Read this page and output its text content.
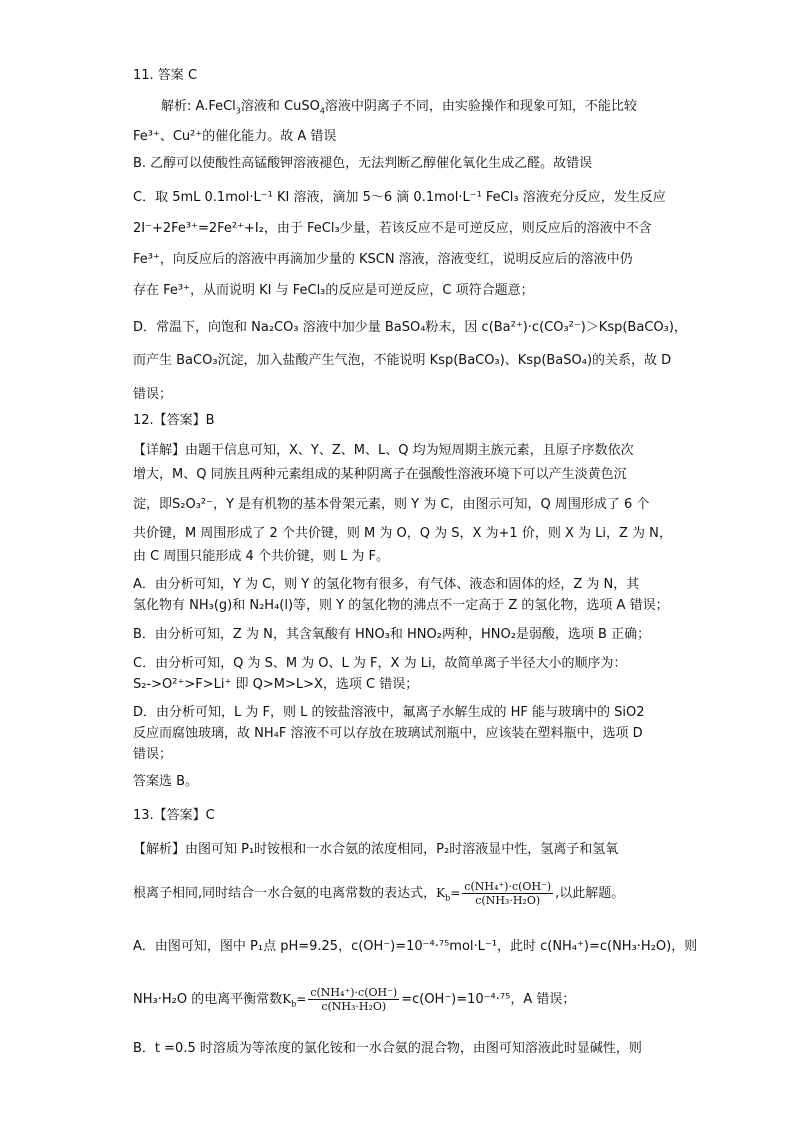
11. 答案 C
解析: A.FeCl$_3$溶液和 CuSO$_4$溶液中阴离子不同，由实验操作和现象可知，不能比较
Fe³⁺、Cu²⁺的催化能力。故 A 错误
B. 乙醇可以使酸性高锰酸钾溶液褪色，无法判断乙醇催化氧化生成乙醛。故错误
C．取 5mL 0.1mol·L⁻¹ KI 溶液，滴加 5～6 滴 0.1mol·L⁻¹ FeCl₃ 溶液充分反应，发生反应
2I⁻+2Fe³⁺=2Fe²⁺+I₂，由于 FeCl₃少量，若该反应不是可逆反应，则反应后的溶液中不含
Fe³⁺，向反应后的溶液中再滴加少量的 KSCN 溶液，溶液变红，说明反应后的溶液中仍
存在 Fe³⁺，从而说明 KI 与 FeCl₃的反应是可逆反应，C 项符合题意；
D．常温下，向饱和 Na₂CO₃ 溶液中加少量 BaSO₄粉末，因 c(Ba²⁺)·c(CO₃²⁻)＞Ksp(BaCO₃)，
而产生 BaCO₃沉淀，加入盐酸产生气泡，不能说明 Ksp(BaCO₃)、Ksp(BaSO₄)的关系，故 D
错误；
12.【答案】B
【详解】由题干信息可知，X、Y、Z、M、L、Q 均为短周期主族元素，且原子序数依次
增大，M、Q 同族且两种元素组成的某种阴离子在强酸性溶液环境下可以产生淡黄色沉
淀，即S₂O₃²⁻，Y 是有机物的基本骨架元素，则 Y 为 C，由图示可知，Q 周围形成了 6 个
共价键，M 周围形成了 2 个共价键，则 M 为 O，Q 为 S，X 为+1 价，则 X 为 Li，Z 为 N，
由 C 周围只能形成 4 个共价键，则 L 为 F。
A．由分析可知，Y 为 C，则 Y 的氢化物有很多，有气体、液态和固体的烃，Z 为 N，其
氢化物有 NH₃(g)和 N₂H₄(l)等，则 Y 的氢化物的沸点不一定高于 Z 的氢化物，选项 A 错误；
B．由分析可知，Z 为 N，其含氧酸有 HNO₃和 HNO₂两种，HNO₂是弱酸，选项 B 正确；
C．由分析可知，Q 为 S、M 为 O、L 为 F，X 为 Li，故简单离子半径大小的顺序为：
S₂->O²⁺>F>Li⁺ 即 Q>M>L>X，选项 C 错误；
D．由分析可知，L 为 F，则 L 的铵盐溶液中，氟离子水解生成的 HF 能与玻璃中的 SiO2
反应而腐蚀玻璃，故 NH₄F 溶液不可以存放在玻璃试剂瓶中，应该装在塑料瓶中，选项 D
错误；
答案选 B。
13.【答案】C
【解析】由图可知 P₁时铵根和一水合氨的浓度相同，P₂时溶液显中性，氢离子和氢氧
根离子相同,同时结合一水合氨的电离常数的表达式，$K_b= \frac{\text{c(NH₄⁺)·c(OH⁻)}}{\text{c(NH₃·H₂O)}}$ ,以此解题。
A．由图可知，图中 P₁点 pH=9.25，c(OH⁻)=10⁻⁴·⁷⁵mol·L⁻¹，此时 c(NH₄⁺)=c(NH₃·H₂O)，则
NH₃·H₂O 的电离平衡常数$K_b= \frac{\text{c(NH₄⁺)·c(OH⁻)}}{\text{c(NH₃·H₂O)}} =c(OH^-)=10^{-4}\cdot^{75}$，A 错误；
B．t =0.5 时溶质为等浓度的氯化铵和一水合氨的混合物，由图可知溶液此时显碱性，则
